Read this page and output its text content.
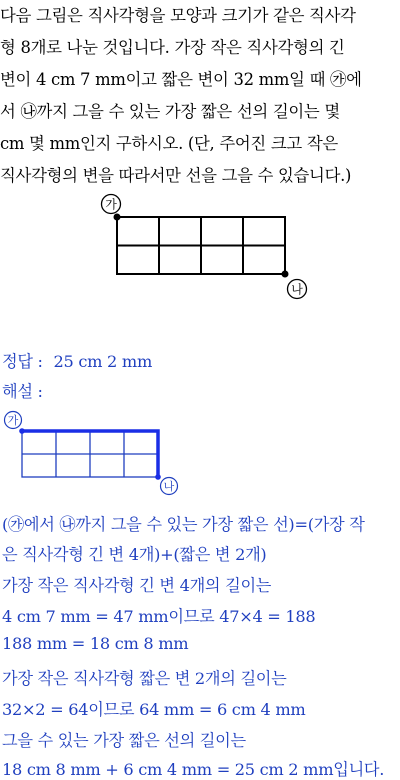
다음 그림은 직사각형을 모양과 크기가 같은 직사각
형 8개로 나눈 것입니다. 가장 작은 직사각형의 긴
변이 4 cm 7 mm이고 짧은 변이 32 mm일 때 ㉮에
서 ㉯까지 그을 수 있는 가장 짧은 선의 길이는 몇
cm 몇 mm인지 구하시오. (단, 주어진 크고 작은
직사각형의 변을 따라서만 선을 그을 수 있습니다.)
가
나
정답 : 25 cm 2 mm
해설 :
가
나
(㉮에서 ㉯까지 그을 수 있는 가장 짧은 선)=(가장 작
은 직사각형 긴 변 4개)+(짧은 변 2개)
가장 작은 직사각형 긴 변 4개의 길이는
4 cm 7 mm = 47 mm이므로 47×4 = 188
188 mm = 18 cm 8 mm
가장 작은 직사각형 짧은 변 2개의 길이는
32×2 = 64이므로 64 mm = 6 cm 4 mm
그을 수 있는 가장 짧은 선의 길이는
18 cm 8 mm + 6 cm 4 mm = 25 cm 2 mm입니다.
